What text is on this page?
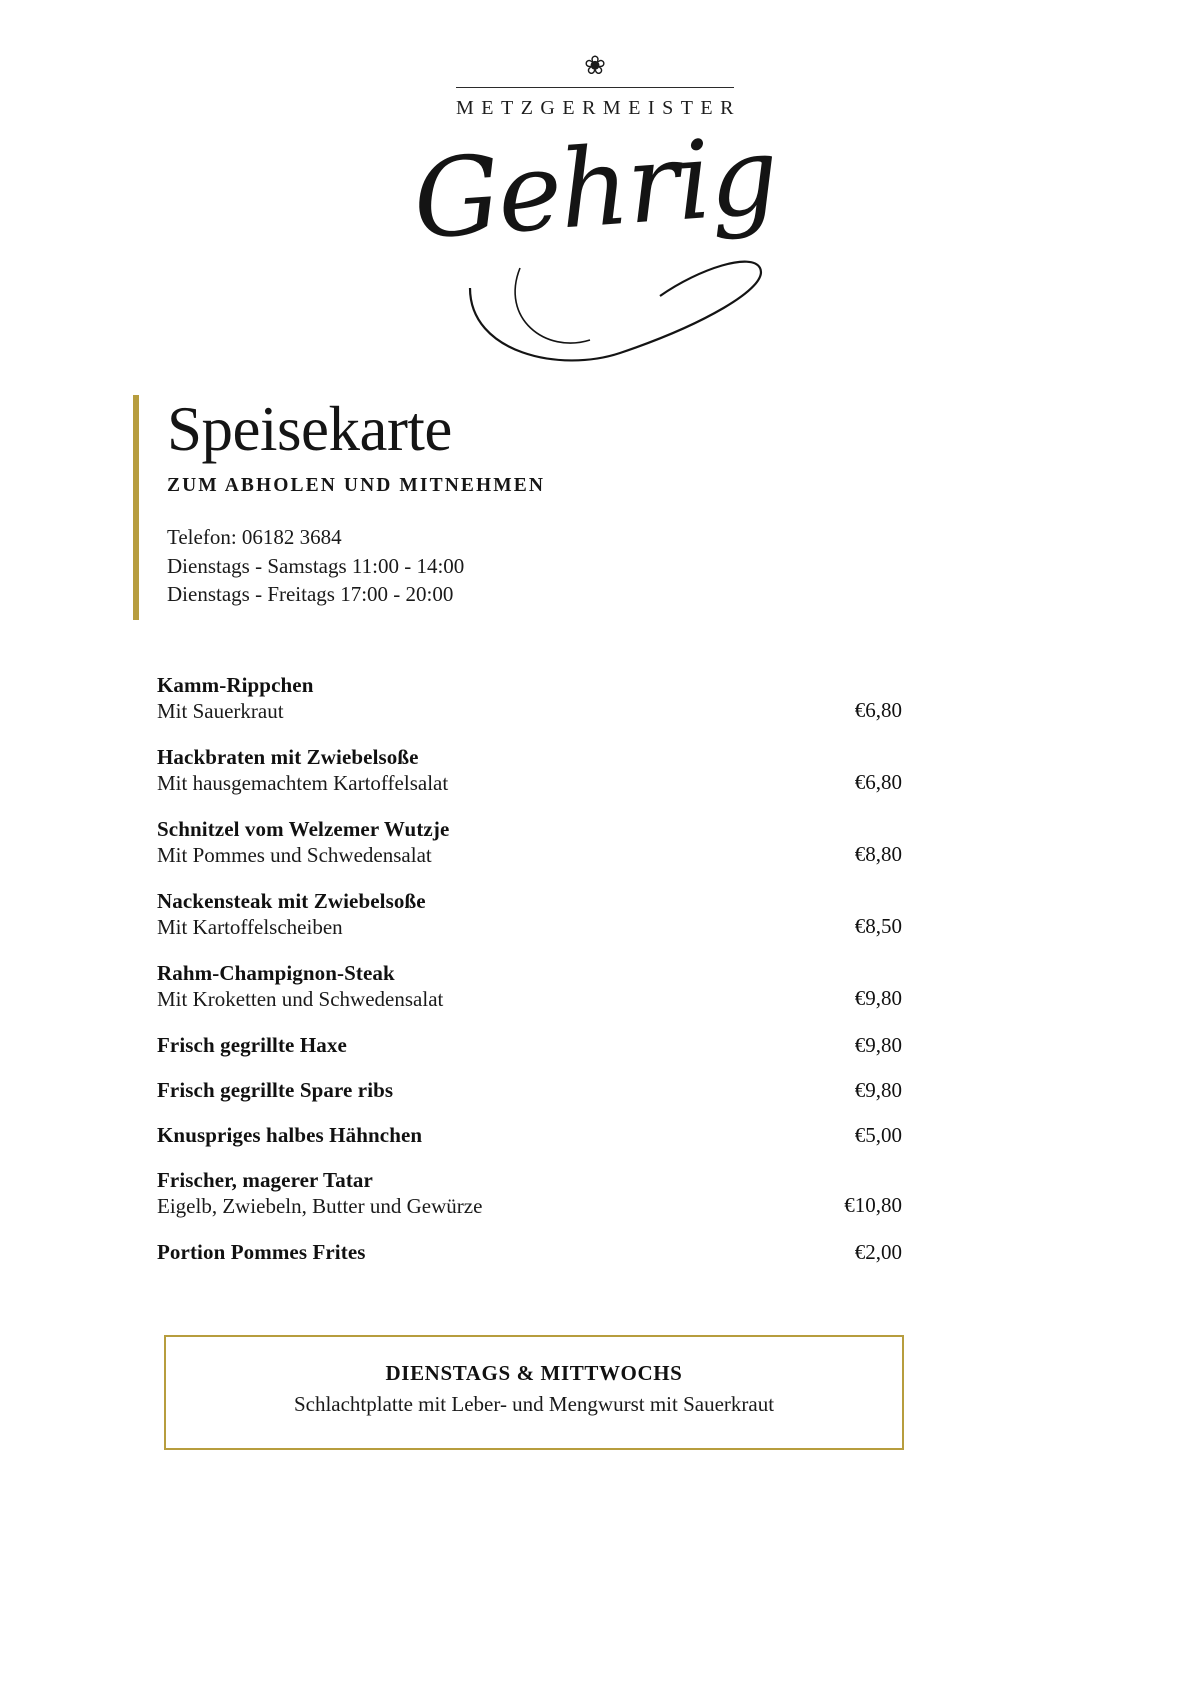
❀
METZGERMEISTER
Gehrig
Speisekarte
ZUM ABHOLEN UND MITNEHMEN
Telefon: 06182 3684
Dienstags - Samstags 11:00 - 14:00
Dienstags - Freitags 17:00 - 20:00
Kamm-Rippchen
Mit Sauerkraut	€6,80
Hackbraten mit Zwiebelsoße
Mit hausgemachtem Kartoffelsalat	€6,80
Schnitzel vom Welzemer Wutzje
Mit Pommes und Schwedensalat	€8,80
Nackensteak mit Zwiebelsoße
Mit Kartoffelscheiben	€8,50
Rahm-Champignon-Steak
Mit Kroketten und Schwedensalat	€9,80
Frisch gegrillte Haxe	€9,80
Frisch gegrillte Spare ribs	€9,80
Knuspriges halbes Hähnchen	€5,00
Frischer, magerer Tatar
Eigelb, Zwiebeln, Butter und Gewürze	€10,80
Portion Pommes Frites	€2,00
DIENSTAGS & MITTWOCHS
Schlachtplatte mit Leber- und Mengwurst mit Sauerkraut
